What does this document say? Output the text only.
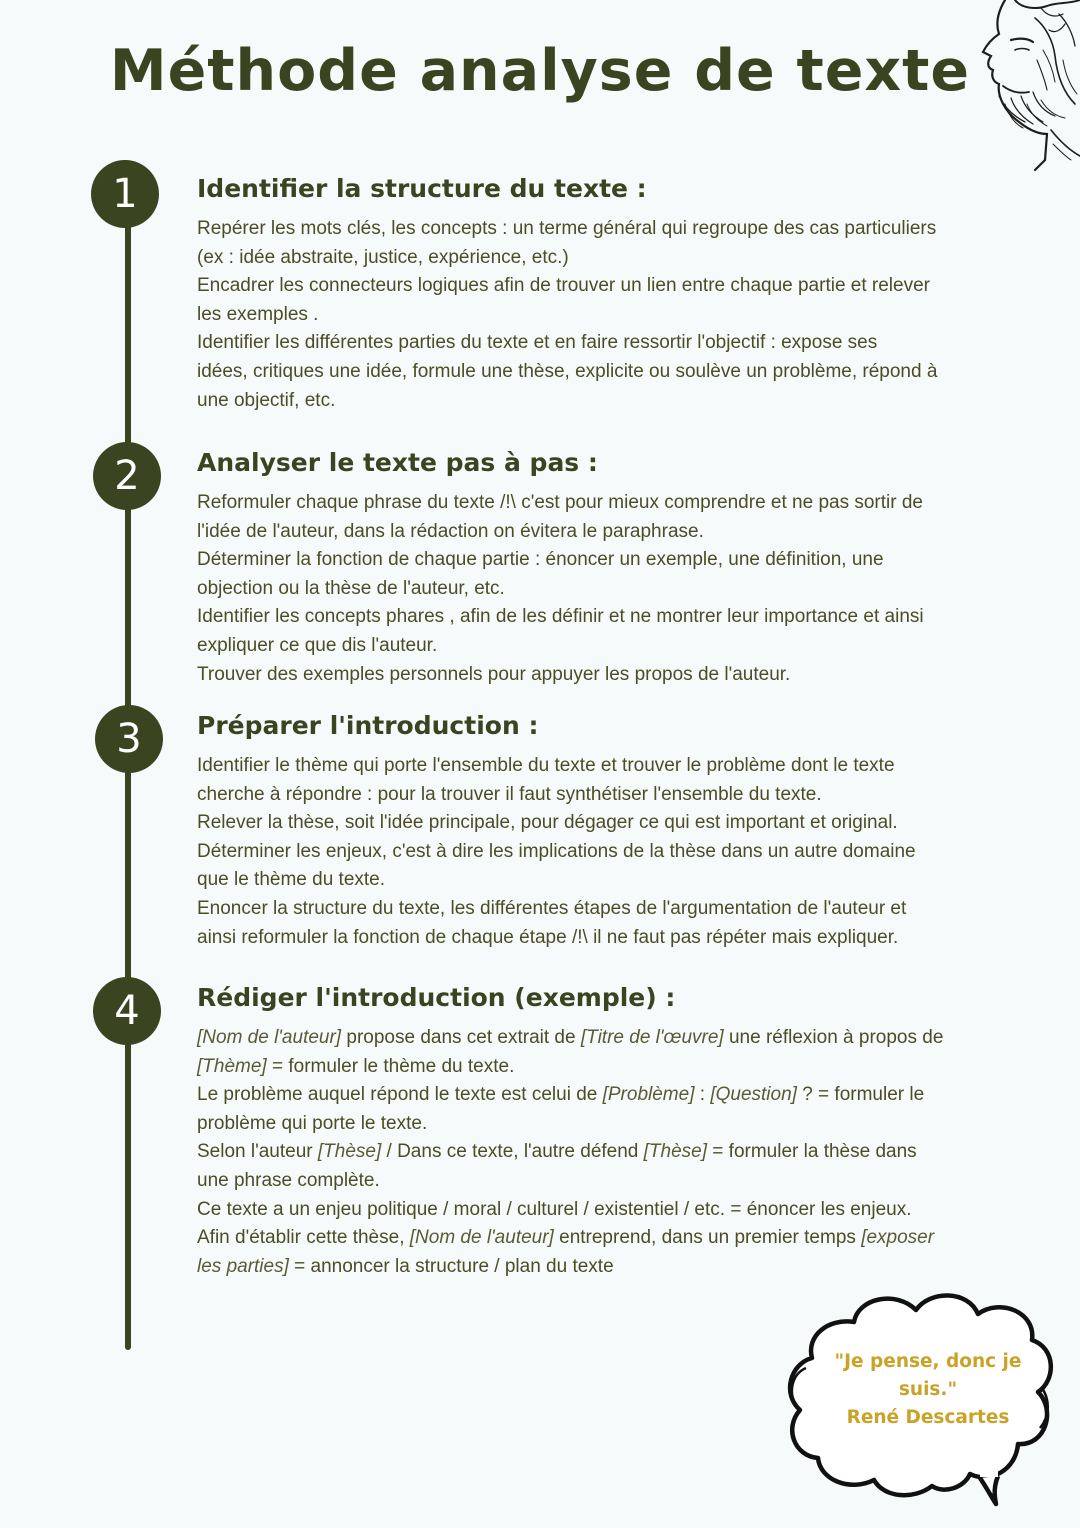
Méthode analyse de texte
1
2
3
4
Identifier la structure du texte :
Repérer les mots clés, les concepts : un terme général qui regroupe des cas particuliers
(ex : idée abstraite, justice, expérience, etc.)
Encadrer les connecteurs logiques afin de trouver un lien entre chaque partie et relever
les exemples .
Identifier les différentes parties du texte et en faire ressortir l'objectif : expose ses
idées, critiques une idée, formule une thèse, explicite ou soulève un problème, répond à
une objectif, etc.
Analyser le texte pas à pas :
Reformuler chaque phrase du texte /!\ c'est pour mieux comprendre et ne pas sortir de
l'idée de l'auteur, dans la rédaction on évitera le paraphrase.
Déterminer la fonction de chaque partie : énoncer un exemple, une définition, une
objection ou la thèse de l'auteur, etc.
Identifier les concepts phares , afin de les définir et ne montrer leur importance et ainsi
expliquer ce que dis l'auteur.
Trouver des exemples personnels pour appuyer les propos de l'auteur.
Préparer l'introduction :
Identifier le thème qui porte l'ensemble du texte et trouver le problème dont le texte
cherche à répondre : pour la trouver il faut synthétiser l'ensemble du texte.
Relever la thèse, soit l'idée principale, pour dégager ce qui est important et original.
Déterminer les enjeux, c'est à dire les implications de la thèse dans un autre domaine
que le thème du texte.
Enoncer la structure du texte, les différentes étapes de l'argumentation de l'auteur et
ainsi reformuler la fonction de chaque étape /!\ il ne faut pas répéter mais expliquer.
Rédiger l'introduction (exemple) :
[Nom de l'auteur] propose dans cet extrait de [Titre de l'œuvre] une réflexion à propos de
[Thème] = formuler le thème du texte.
Le problème auquel répond le texte est celui de [Problème] : [Question] ? = formuler le
problème qui porte le texte.
Selon l'auteur [Thèse] / Dans ce texte, l'autre défend [Thèse] = formuler la thèse dans
une phrase complète.
Ce texte a un enjeu politique / moral / culturel / existentiel / etc. = énoncer les enjeux.
Afin d'établir cette thèse, [Nom de l'auteur] entreprend, dans un premier temps [exposer
les parties] = annoncer la structure / plan du texte
"Je pense, donc je
suis."
René Descartes
